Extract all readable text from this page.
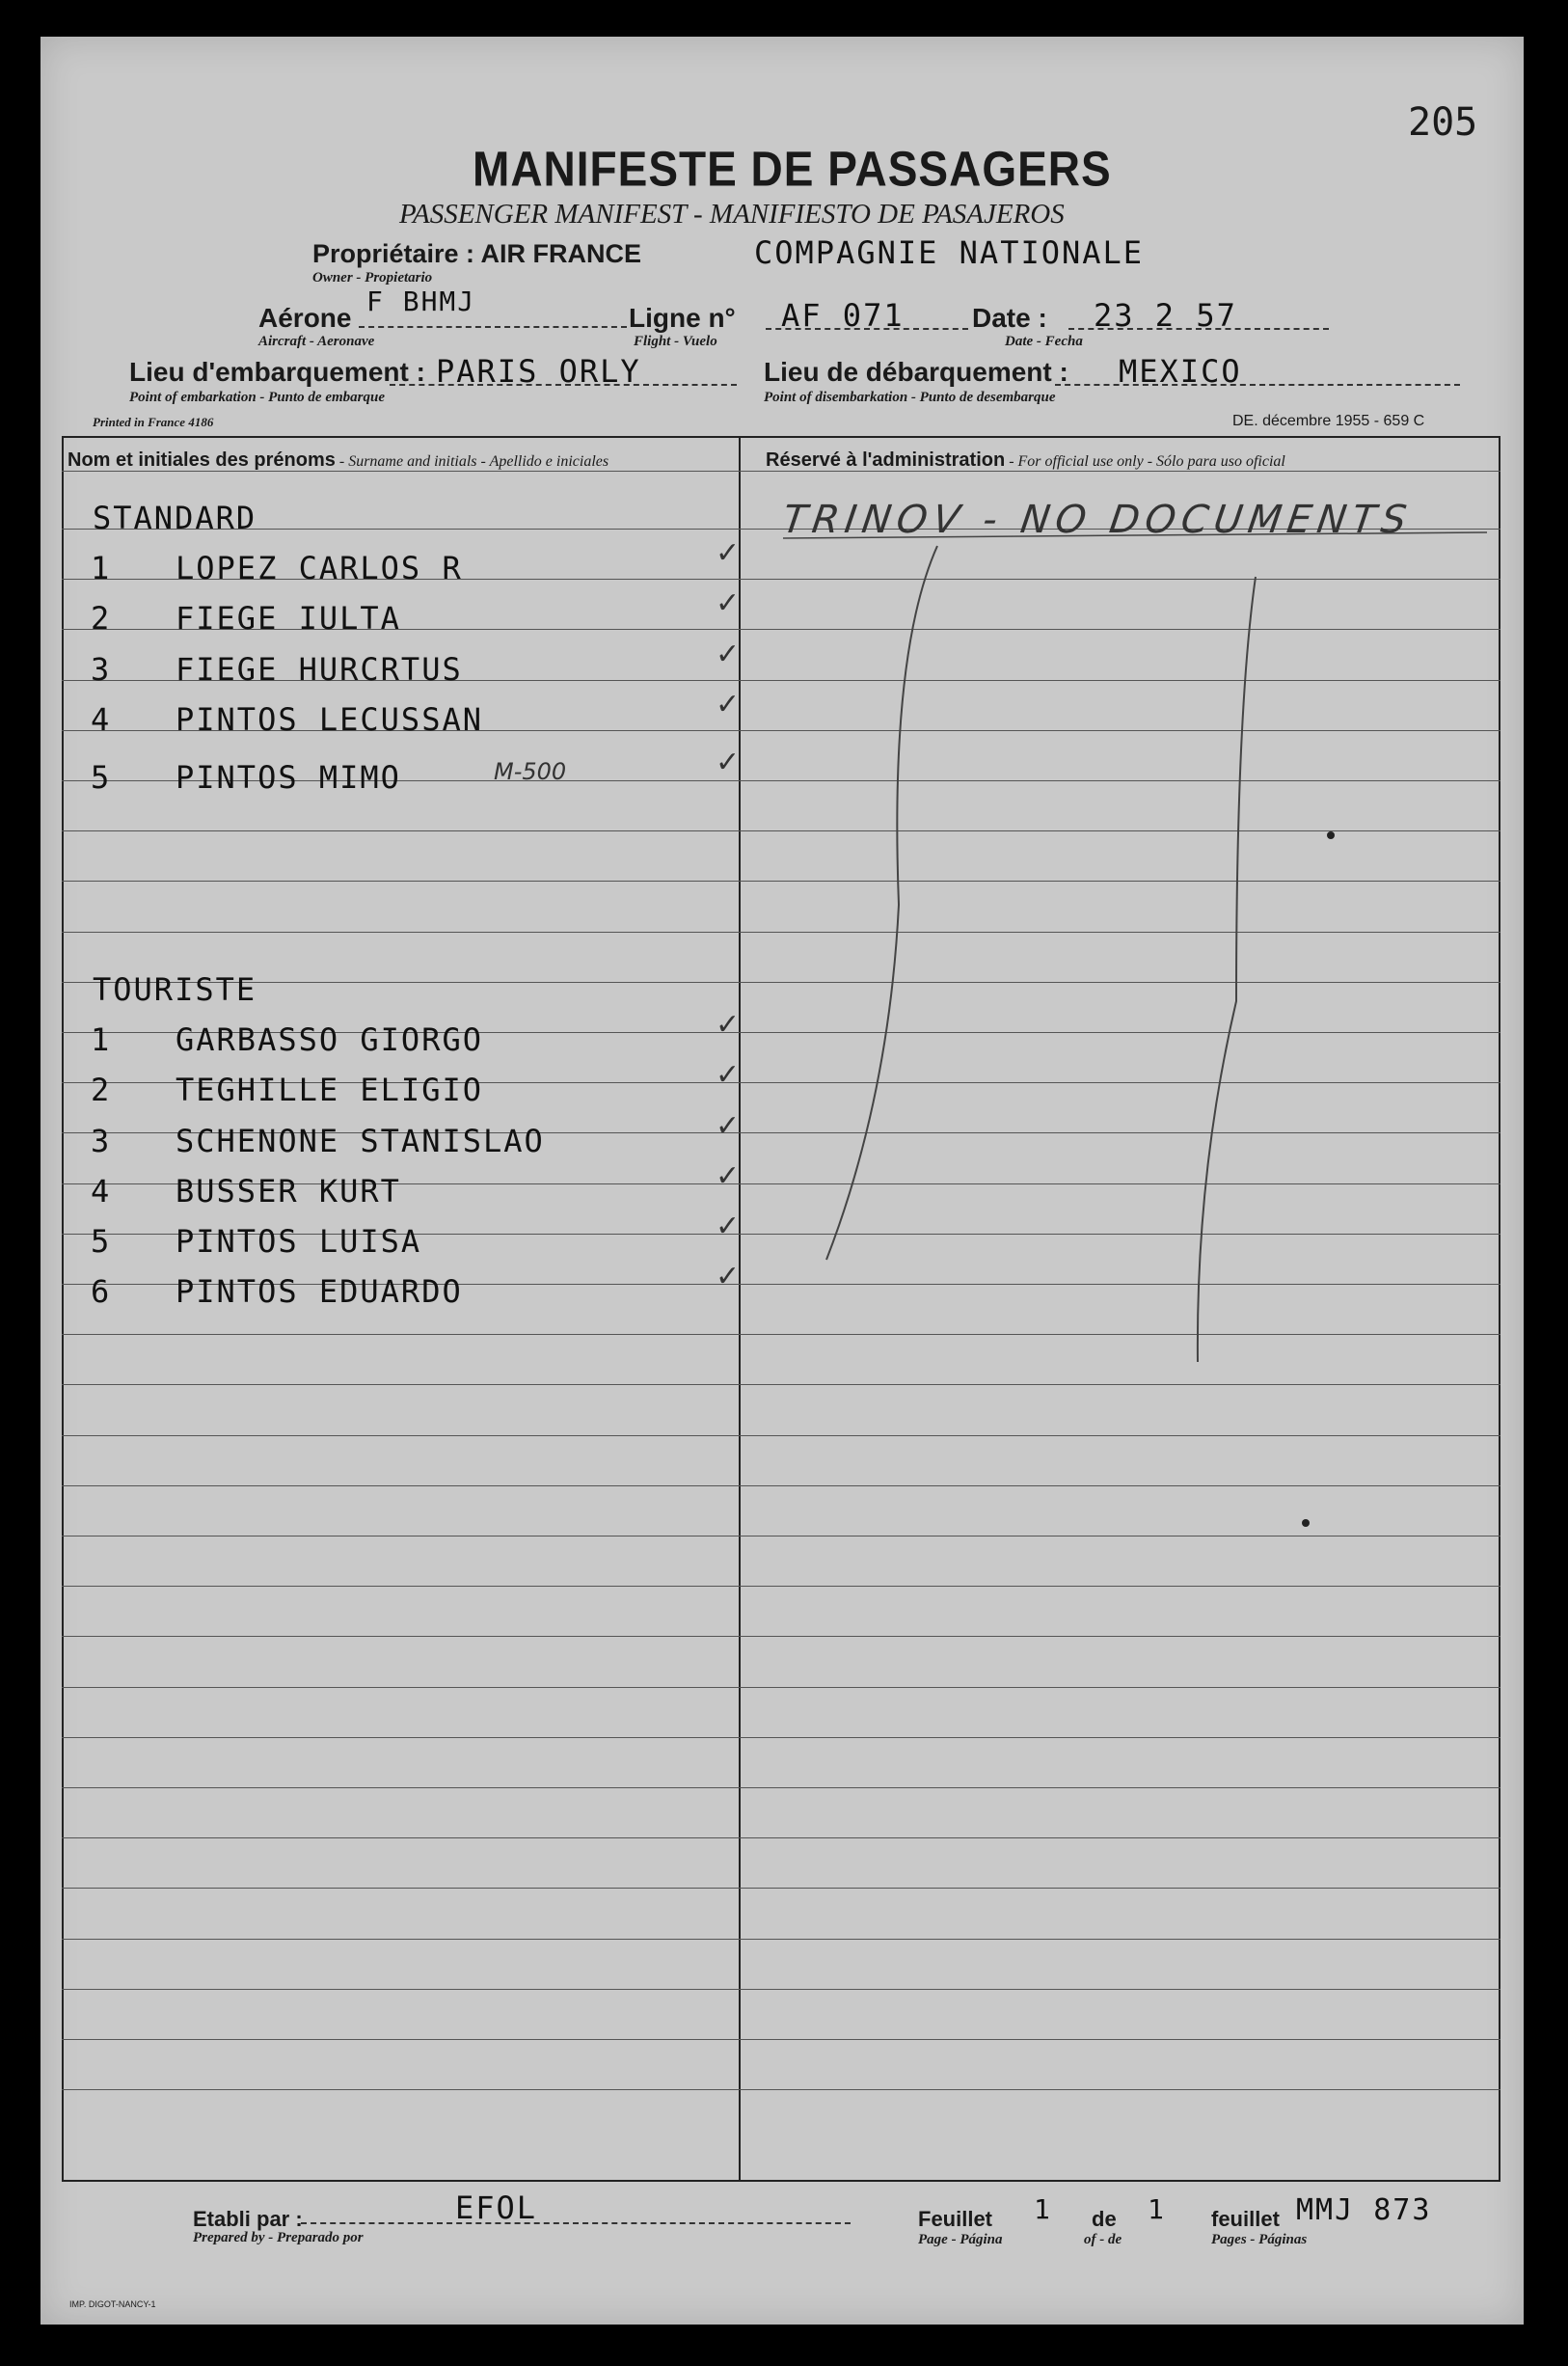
205
MANIFESTE DE PASSAGERS
PASSENGER MANIFEST - MANIFIESTO DE PASAJEROS
Propriétaire : AIR FRANCE	COMPAGNIE NATIONALE
Owner - Propietario
Aérone
F BHMJ
Aircraft - Aeronave
Ligne n° AF 071
Flight - Vuelo
Date : 23 2 57
Date - Fecha
Lieu d'embarquement : PARIS ORLY
Point of embarkation - Punto de embarque
Lieu de débarquement : MEXICO
Point of disembarkation - Punto de desembarque
Printed in France 4186	DE. décembre 1955 - 659 C
Nom et initiales des prénoms - Surname and initials - Apellido e iniciales	Réservé à l'administration - For official use only - Sólo para uso oficial
STANDARD
1 LOPEZ CARLOS R	✓
2 FIEGE IULTA	✓
3 FIEGE HURCRTUS	✓
4 PINTOS LECUSSAN	✓
5 PINTOS MIMO	✓
TOURISTE
1 GARBASSO GIORGO	✓
2 TEGHILLE ELIGIO	✓
3 SCHENONE STANISLAO	✓
4 BUSSER KURT	✓
5 PINTOS LUISA	✓
6 PINTOS EDUARDO	✓
TRINOV - NO DOCUMENTS
M-500
Etabli par :	EFOL
Prepared by - Preparado por
Feuillet 1 de 1 feuillet MMJ 873
Page - Página	of - de	Pages - Páginas
IMP. DIGOT-NANCY-1
